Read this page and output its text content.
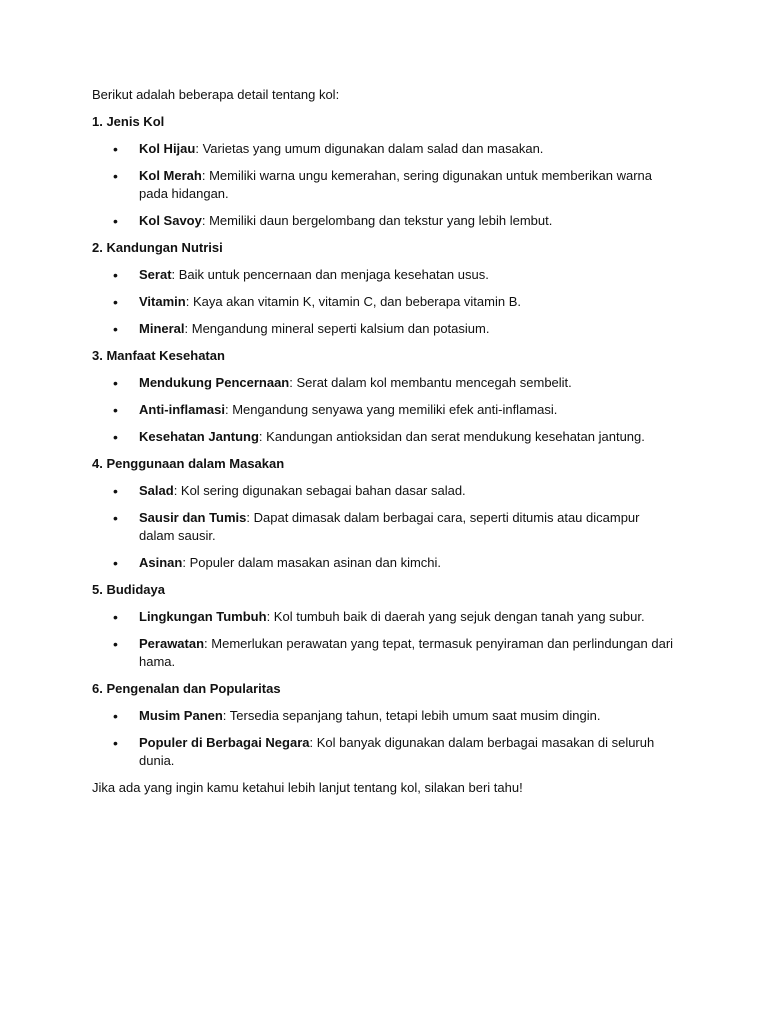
Berikut adalah beberapa detail tentang kol:

1. Jenis Kol

• Kol Hijau: Varietas yang umum digunakan dalam salad dan masakan.
• Kol Merah: Memiliki warna ungu kemerahan, sering digunakan untuk memberikan warna pada hidangan.
• Kol Savoy: Memiliki daun bergelombang dan tekstur yang lebih lembut.

2. Kandungan Nutrisi

• Serat: Baik untuk pencernaan dan menjaga kesehatan usus.
• Vitamin: Kaya akan vitamin K, vitamin C, dan beberapa vitamin B.
• Mineral: Mengandung mineral seperti kalsium dan potasium.

3. Manfaat Kesehatan

• Mendukung Pencernaan: Serat dalam kol membantu mencegah sembelit.
• Anti-inflamasi: Mengandung senyawa yang memiliki efek anti-inflamasi.
• Kesehatan Jantung: Kandungan antioksidan dan serat mendukung kesehatan jantung.

4. Penggunaan dalam Masakan

• Salad: Kol sering digunakan sebagai bahan dasar salad.
• Sausir dan Tumis: Dapat dimasak dalam berbagai cara, seperti ditumis atau dicampur dalam sausir.
• Asinan: Populer dalam masakan asinan dan kimchi.

5. Budidaya

• Lingkungan Tumbuh: Kol tumbuh baik di daerah yang sejuk dengan tanah yang subur.
• Perawatan: Memerlukan perawatan yang tepat, termasuk penyiraman dan perlindungan dari hama.

6. Pengenalan dan Popularitas

• Musim Panen: Tersedia sepanjang tahun, tetapi lebih umum saat musim dingin.
• Populer di Berbagai Negara: Kol banyak digunakan dalam berbagai masakan di seluruh dunia.

Jika ada yang ingin kamu ketahui lebih lanjut tentang kol, silakan beri tahu!
